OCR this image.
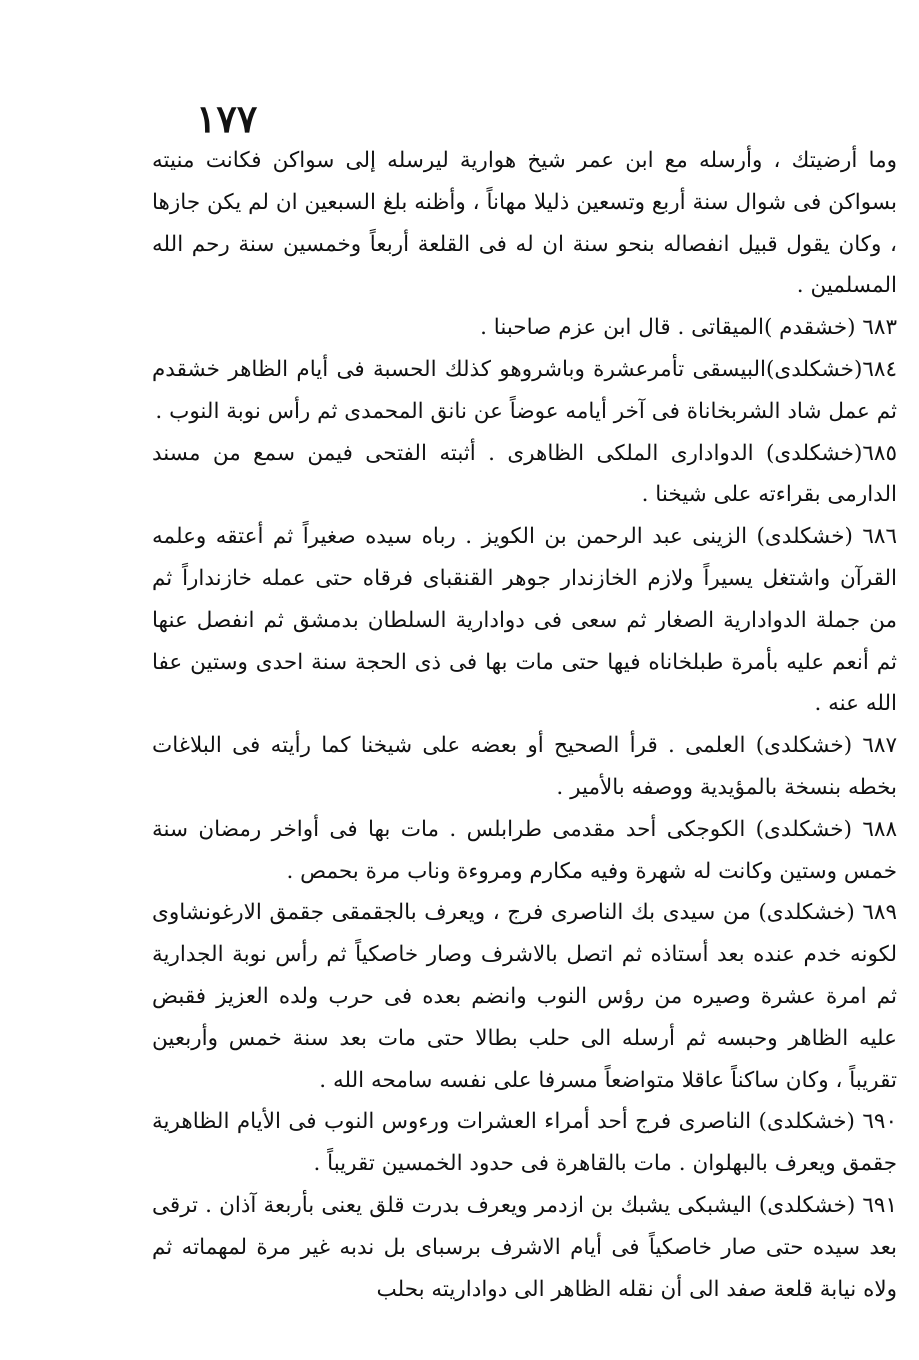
١٧٧

وما أرضيتك ، وأرسله مع ابن عمر شيخ هوارية ليرسله إلى سواكن فكانت منيته بسواكن فى شوال سنة أربع وتسعين ذليلا مهاناً ، وأظنه بلغ السبعين ان لم يكن جازها ، وكان يقول قبيل انفصاله بنحو سنة ان له فى القلعة أربعاً وخمسين سنة رحم الله المسلمين .

٦٨٣ (خشقدم )الميقاتى . قال ابن عزم صاحبنا .

٦٨٤(خشكلدى)البيسقى تأمرعشرة وباشروهو كذلك الحسبة فى أيام الظاهر خشقدم ثم عمل شاد الشربخاناة فى آخر أيامه عوضاً عن نانق المحمدى ثم رأس نوبة النوب .

٦٨٥(خشكلدى) الدوادارى الملكى الظاهرى . أثبته الفتحى فيمن سمع من مسند الدارمى بقراءته على شيخنا .

٦٨٦ (خشكلدى) الزينى عبد الرحمن بن الكويز . رباه سيده صغيراً ثم أعتقه وعلمه القرآن واشتغل يسيراً ولازم الخازندار جوهر القنقباى فرقاه حتى عمله خازنداراً ثم من جملة الدوادارية الصغار ثم سعى فى دوادارية السلطان بدمشق ثم انفصل عنها ثم أنعم عليه بأمرة طبلخاناه فيها حتى مات بها فى ذى الحجة سنة احدى وستين عفا الله عنه .

٦٨٧ (خشكلدى) العلمى . قرأ الصحيح أو بعضه على شيخنا كما رأيته فى البلاغات بخطه بنسخة بالمؤيدية ووصفه بالأمير .

٦٨٨ (خشكلدى) الكوجكى أحد مقدمى طرابلس . مات بها فى أواخر رمضان سنة خمس وستين وكانت له شهرة وفيه مكارم ومروءة وناب مرة بحمص .

٦٨٩ (خشكلدى) من سيدى بك الناصرى فرج ، ويعرف بالجقمقى جقمق الارغونشاوى لكونه خدم عنده بعد أستاذه ثم اتصل بالاشرف وصار خاصكياً ثم رأس نوبة الجدارية ثم امرة عشرة وصيره من رؤس النوب وانضم بعده فى حرب ولده العزيز فقبض عليه الظاهر وحبسه ثم أرسله الى حلب بطالا حتى مات بعد سنة خمس وأربعين تقريباً ، وكان ساكناً عاقلا متواضعاً مسرفا على نفسه سامحه الله .

٦٩٠ (خشكلدى) الناصرى فرج أحد أمراء العشرات ورءوس النوب فى الأيام الظاهرية جقمق ويعرف بالبهلوان . مات بالقاهرة فى حدود الخمسين تقريباً .

٦٩١ (خشكلدى) اليشبكى يشبك بن ازدمر ويعرف بدرت قلق يعنى بأربعة آذان . ترقى بعد سيده حتى صار خاصكياً فى أيام الاشرف برسباى بل ندبه غير مرة لمهماته ثم ولاه نيابة قلعة صفد الى أن نقله الظاهر الى دواداريته بحلب
